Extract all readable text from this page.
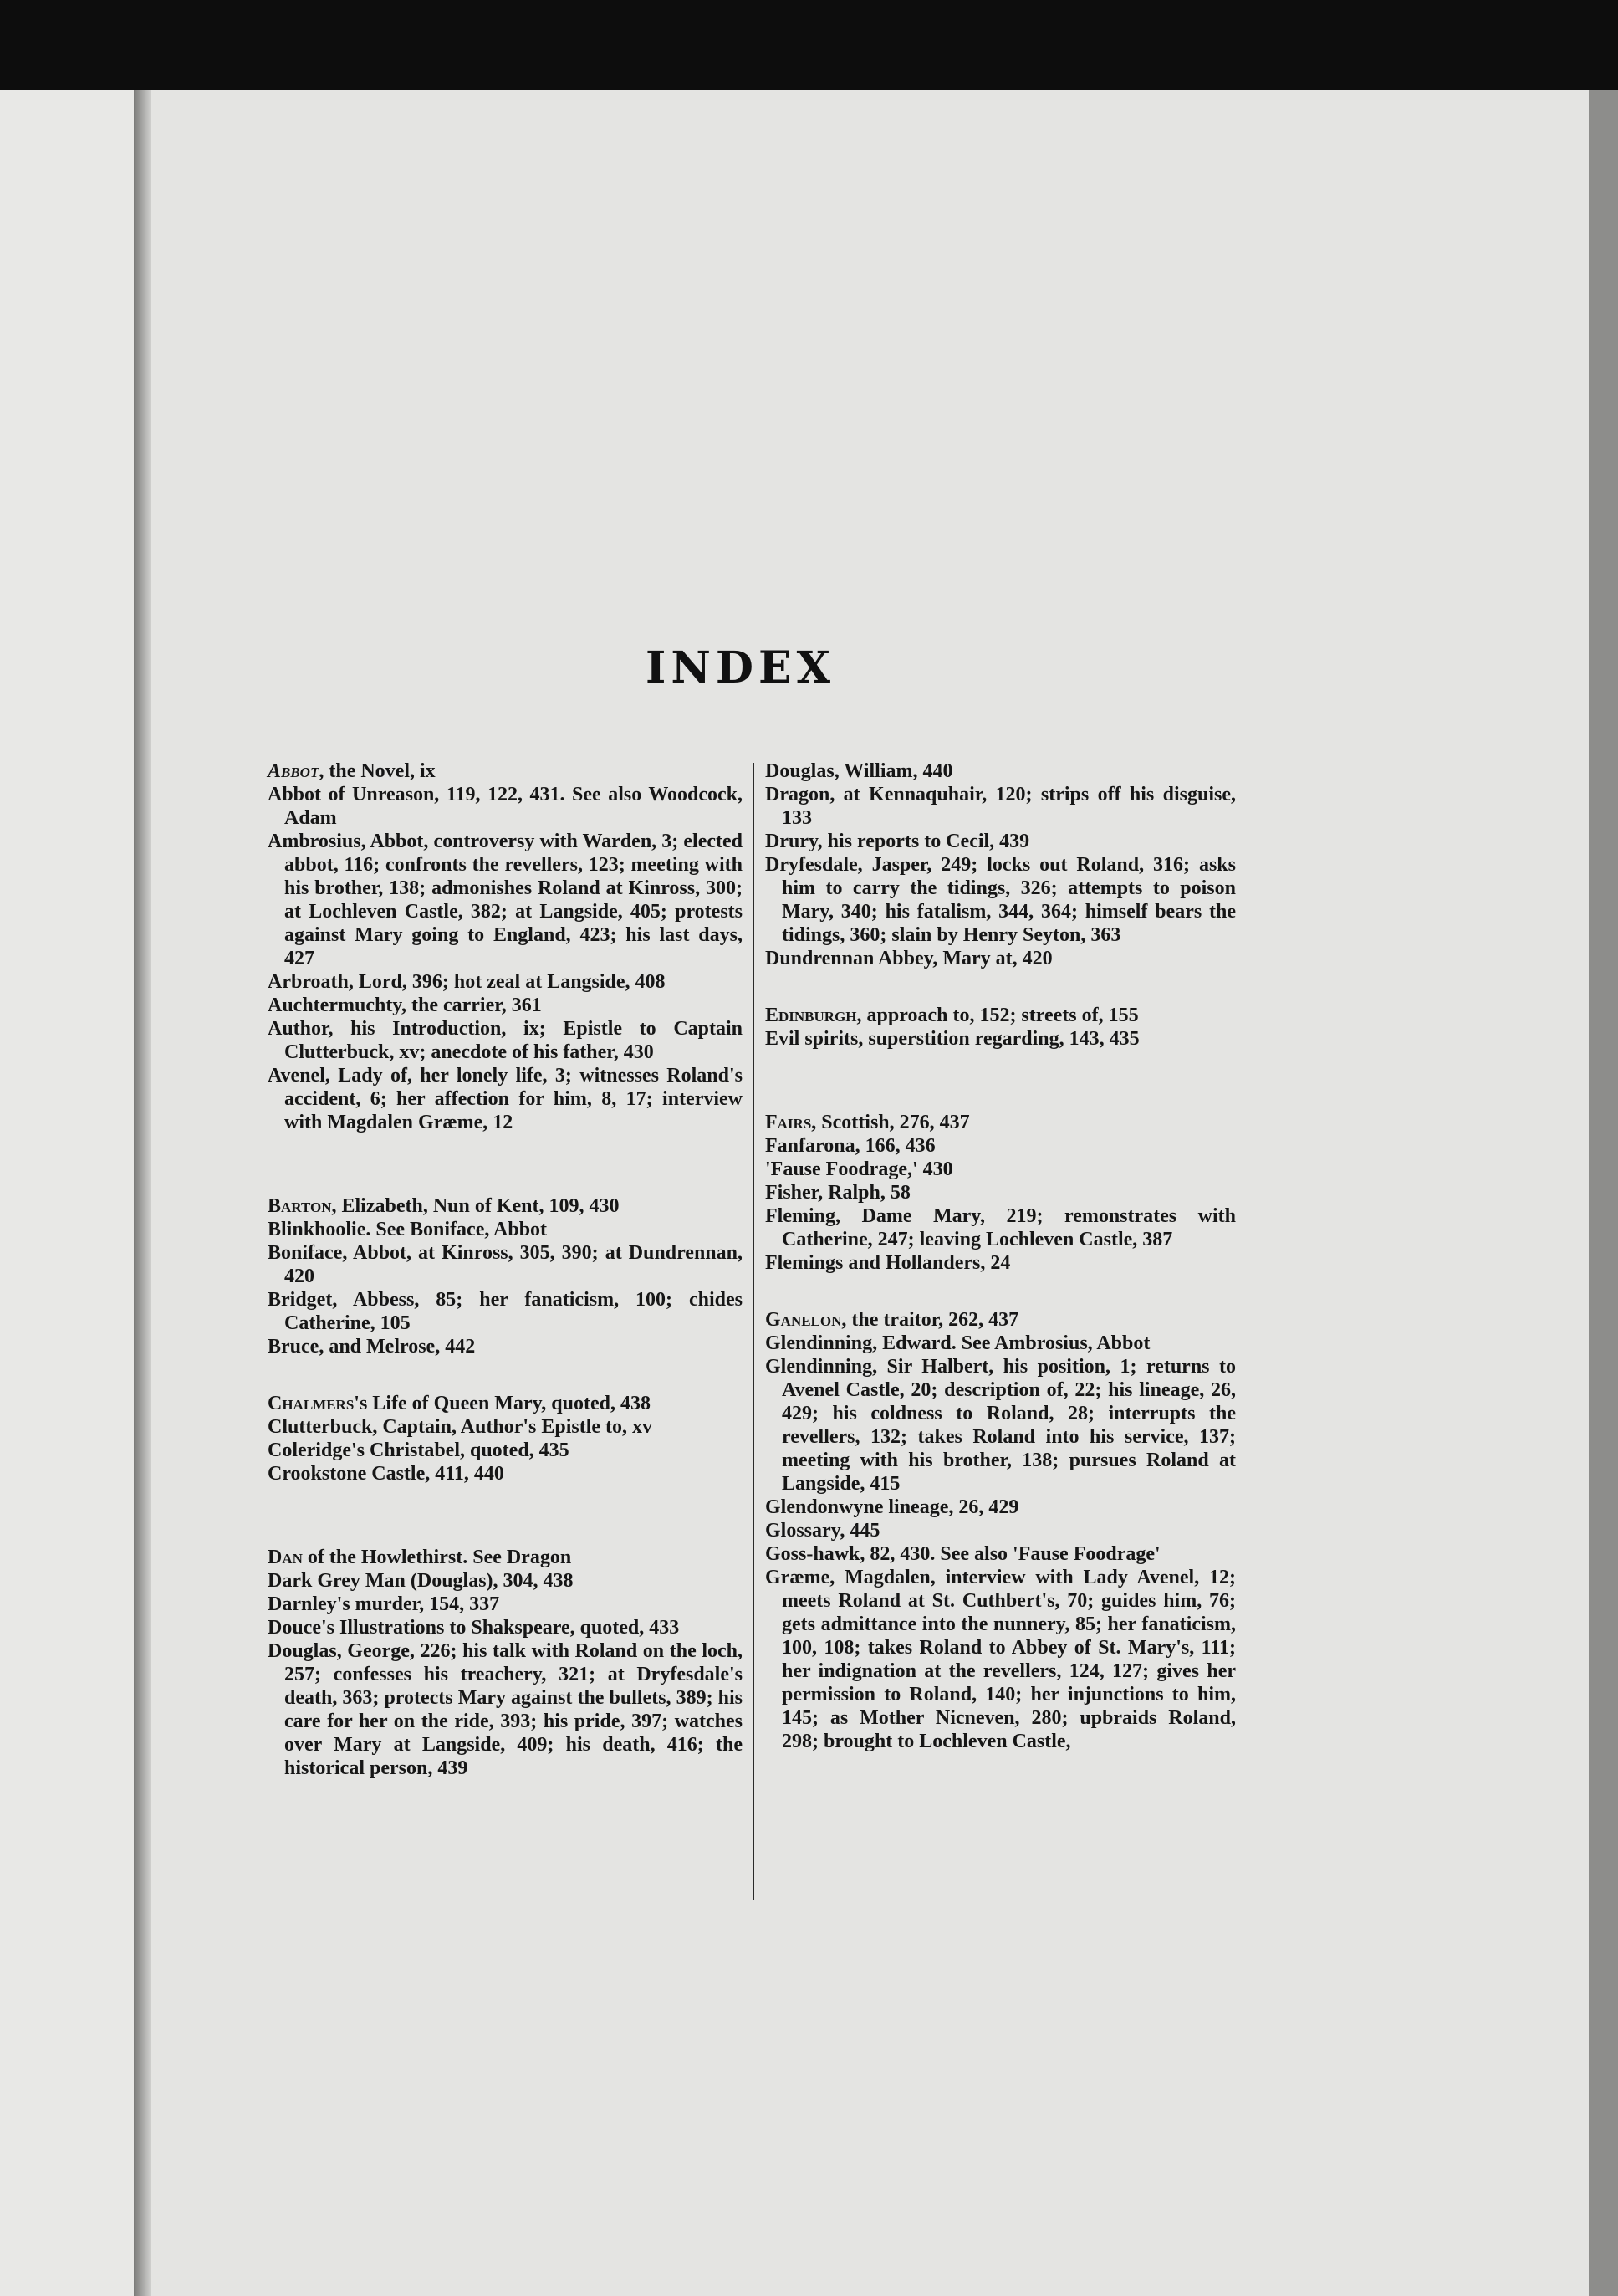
INDEX

Abbot, the Novel, ix

Abbot of Unreason, 119, 122, 431. See also Woodcock, Adam

Ambrosius, Abbot, controversy with Warden, 3; elected abbot, 116; confronts the revellers, 123; meeting with his brother, 138; admonishes Roland at Kinross, 300; at Lochleven Castle, 382; at Langside, 405; protests against Mary going to England, 423; his last days, 427

Arbroath, Lord, 396; hot zeal at Langside, 408

Auchtermuchty, the carrier, 361

Author, his Introduction, ix; Epistle to Captain Clutterbuck, xv; anecdote of his father, 430

Avenel, Lady of, her lonely life, 3; witnesses Roland's accident, 6; her affection for him, 8, 17; interview with Magdalen Græme, 12

Barton, Elizabeth, Nun of Kent, 109, 430

Blinkhoolie. See Boniface, Abbot

Boniface, Abbot, at Kinross, 305, 390; at Dundrennan, 420

Bridget, Abbess, 85; her fanaticism, 100; chides Catherine, 105

Bruce, and Melrose, 442

Chalmers's Life of Queen Mary, quoted, 438

Clutterbuck, Captain, Author's Epistle to, xv

Coleridge's Christabel, quoted, 435

Crookstone Castle, 411, 440

Dan of the Howlethirst. See Dragon

Dark Grey Man (Douglas), 304, 438

Darnley's murder, 154, 337

Douce's Illustrations to Shakspeare, quoted, 433

Douglas, George, 226; his talk with Roland on the loch, 257; confesses his treachery, 321; at Dryfesdale's death, 363; protects Mary against the bullets, 389; his care for her on the ride, 393; his pride, 397; watches over Mary at Langside, 409; his death, 416; the historical person, 439

Douglas, William, 440

Dragon, at Kennaquhair, 120; strips off his disguise, 133

Drury, his reports to Cecil, 439

Dryfesdale, Jasper, 249; locks out Roland, 316; asks him to carry the tidings, 326; attempts to poison Mary, 340; his fatalism, 344, 364; himself bears the tidings, 360; slain by Henry Seyton, 363

Dundrennan Abbey, Mary at, 420

Edinburgh, approach to, 152; streets of, 155

Evil spirits, superstition regarding, 143, 435

Fairs, Scottish, 276, 437

Fanfarona, 166, 436

'Fause Foodrage,' 430

Fisher, Ralph, 58

Fleming, Dame Mary, 219; remonstrates with Catherine, 247; leaving Lochleven Castle, 387

Flemings and Hollanders, 24

Ganelon, the traitor, 262, 437

Glendinning, Edward. See Ambrosius, Abbot

Glendinning, Sir Halbert, his position, 1; returns to Avenel Castle, 20; description of, 22; his lineage, 26, 429; his coldness to Roland, 28; interrupts the revellers, 132; takes Roland into his service, 137; meeting with his brother, 138; pursues Roland at Langside, 415

Glendonwyne lineage, 26, 429

Glossary, 445

Goss-hawk, 82, 430. See also 'Fause Foodrage'

Græme, Magdalen, interview with Lady Avenel, 12; meets Roland at St. Cuthbert's, 70; guides him, 76; gets admittance into the nunnery, 85; her fanaticism, 100, 108; takes Roland to Abbey of St. Mary's, 111; her indignation at the revellers, 124, 127; gives her permission to Roland, 140; her injunctions to him, 145; as Mother Nicneven, 280; upbraids Roland, 298; brought to Lochleven Castle,
